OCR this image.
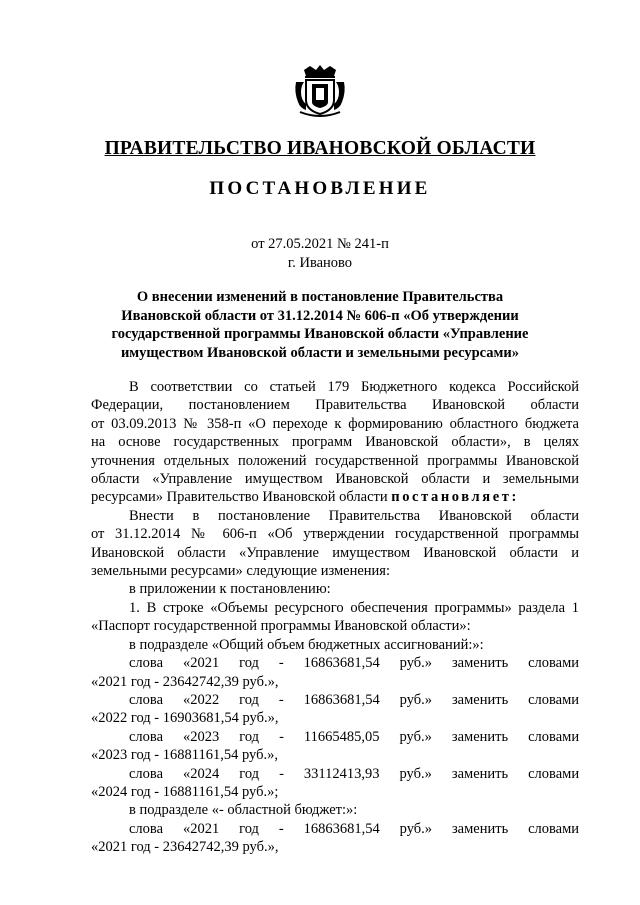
ПРАВИТЕЛЬСТВО ИВАНОВСКОЙ ОБЛАСТИ
ПОСТАНОВЛЕНИЕ
от 27.05.2021 № 241-п
г. Иваново
О внесении изменений в постановление Правительства
Ивановской области от 31.12.2014 № 606-п «Об утверждении
государственной программы Ивановской области «Управление
имуществом Ивановской области и земельными ресурсами»
В соответствии со статьей 179 Бюджетного кодекса Российской
Федерации, постановлением Правительства Ивановской области
от 03.09.2013 № 358-п «О переходе к формированию областного бюджета
на основе государственных программ Ивановской области», в целях
уточнения отдельных положений государственной программы Ивановской
области «Управление имуществом Ивановской области и земельными
ресурсами» Правительство Ивановской области постановляет:
Внести в постановление Правительства Ивановской области
от 31.12.2014 № 606-п «Об утверждении государственной программы
Ивановской области «Управление имуществом Ивановской области и
земельными ресурсами» следующие изменения:
в приложении к постановлению:
1. В строке «Объемы ресурсного обеспечения программы» раздела 1
«Паспорт государственной программы Ивановской области»:
в подразделе «Общий объем бюджетных ассигнований:»:
слова «2021 год - 16863681,54 руб.» заменить словами
«2021 год - 23642742,39 руб.»,
слова «2022 год - 16863681,54 руб.» заменить словами
«2022 год - 16903681,54 руб.»,
слова «2023 год - 11665485,05 руб.» заменить словами
«2023 год - 16881161,54 руб.»,
слова «2024 год - 33112413,93 руб.» заменить словами
«2024 год - 16881161,54 руб.»;
в подразделе «- областной бюджет:»:
слова «2021 год - 16863681,54 руб.» заменить словами
«2021 год - 23642742,39 руб.»,
